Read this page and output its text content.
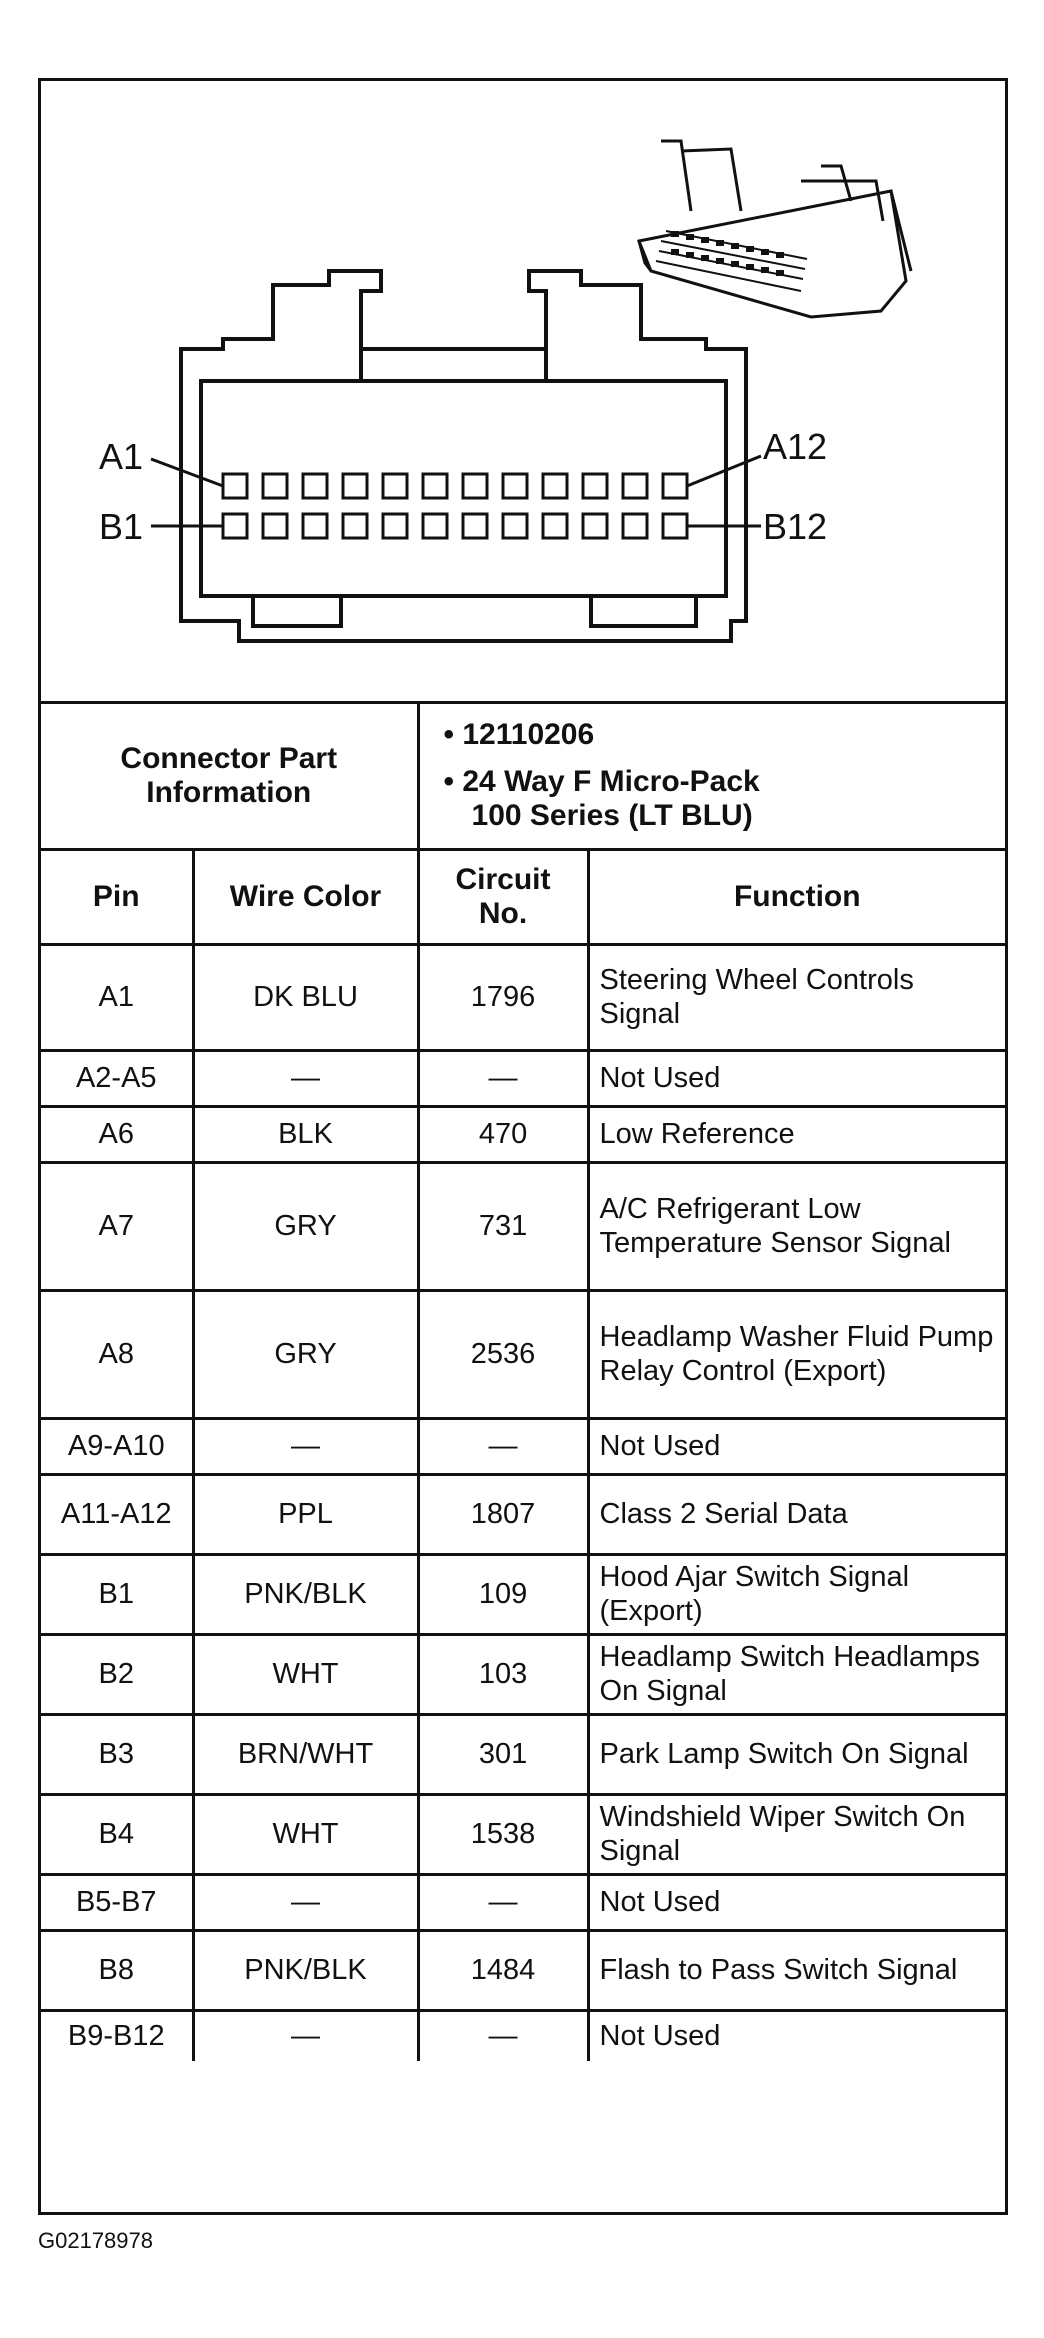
A1
B1
A12
B12
Connector Part Information		• 12110206
• 24 Way F Micro-Pack
100 Series (LT BLU)	

Pin	Wire Color	Circuit No.	Function
A1	DK BLU	1796	Steering Wheel Controls Signal
A2-A5	—	—	Not Used
A6	BLK	470	Low Reference
A7	GRY	731	A/C Refrigerant Low Temperature Sensor Signal
A8	GRY	2536	Headlamp Washer Fluid Pump Relay Control (Export)
A9-A10	—	—	Not Used
A11-A12	PPL	1807	Class 2 Serial Data
B1	PNK/BLK	109	Hood Ajar Switch Signal (Export)
B2	WHT	103	Headlamp Switch Headlamps On Signal
B3	BRN/WHT	301	Park Lamp Switch On Signal
B4	WHT	1538	Windshield Wiper Switch On Signal
B5-B7	—	—	Not Used
B8	PNK/BLK	1484	Flash to Pass Switch Signal
B9-B12	—	—	Not Used
G02178978
